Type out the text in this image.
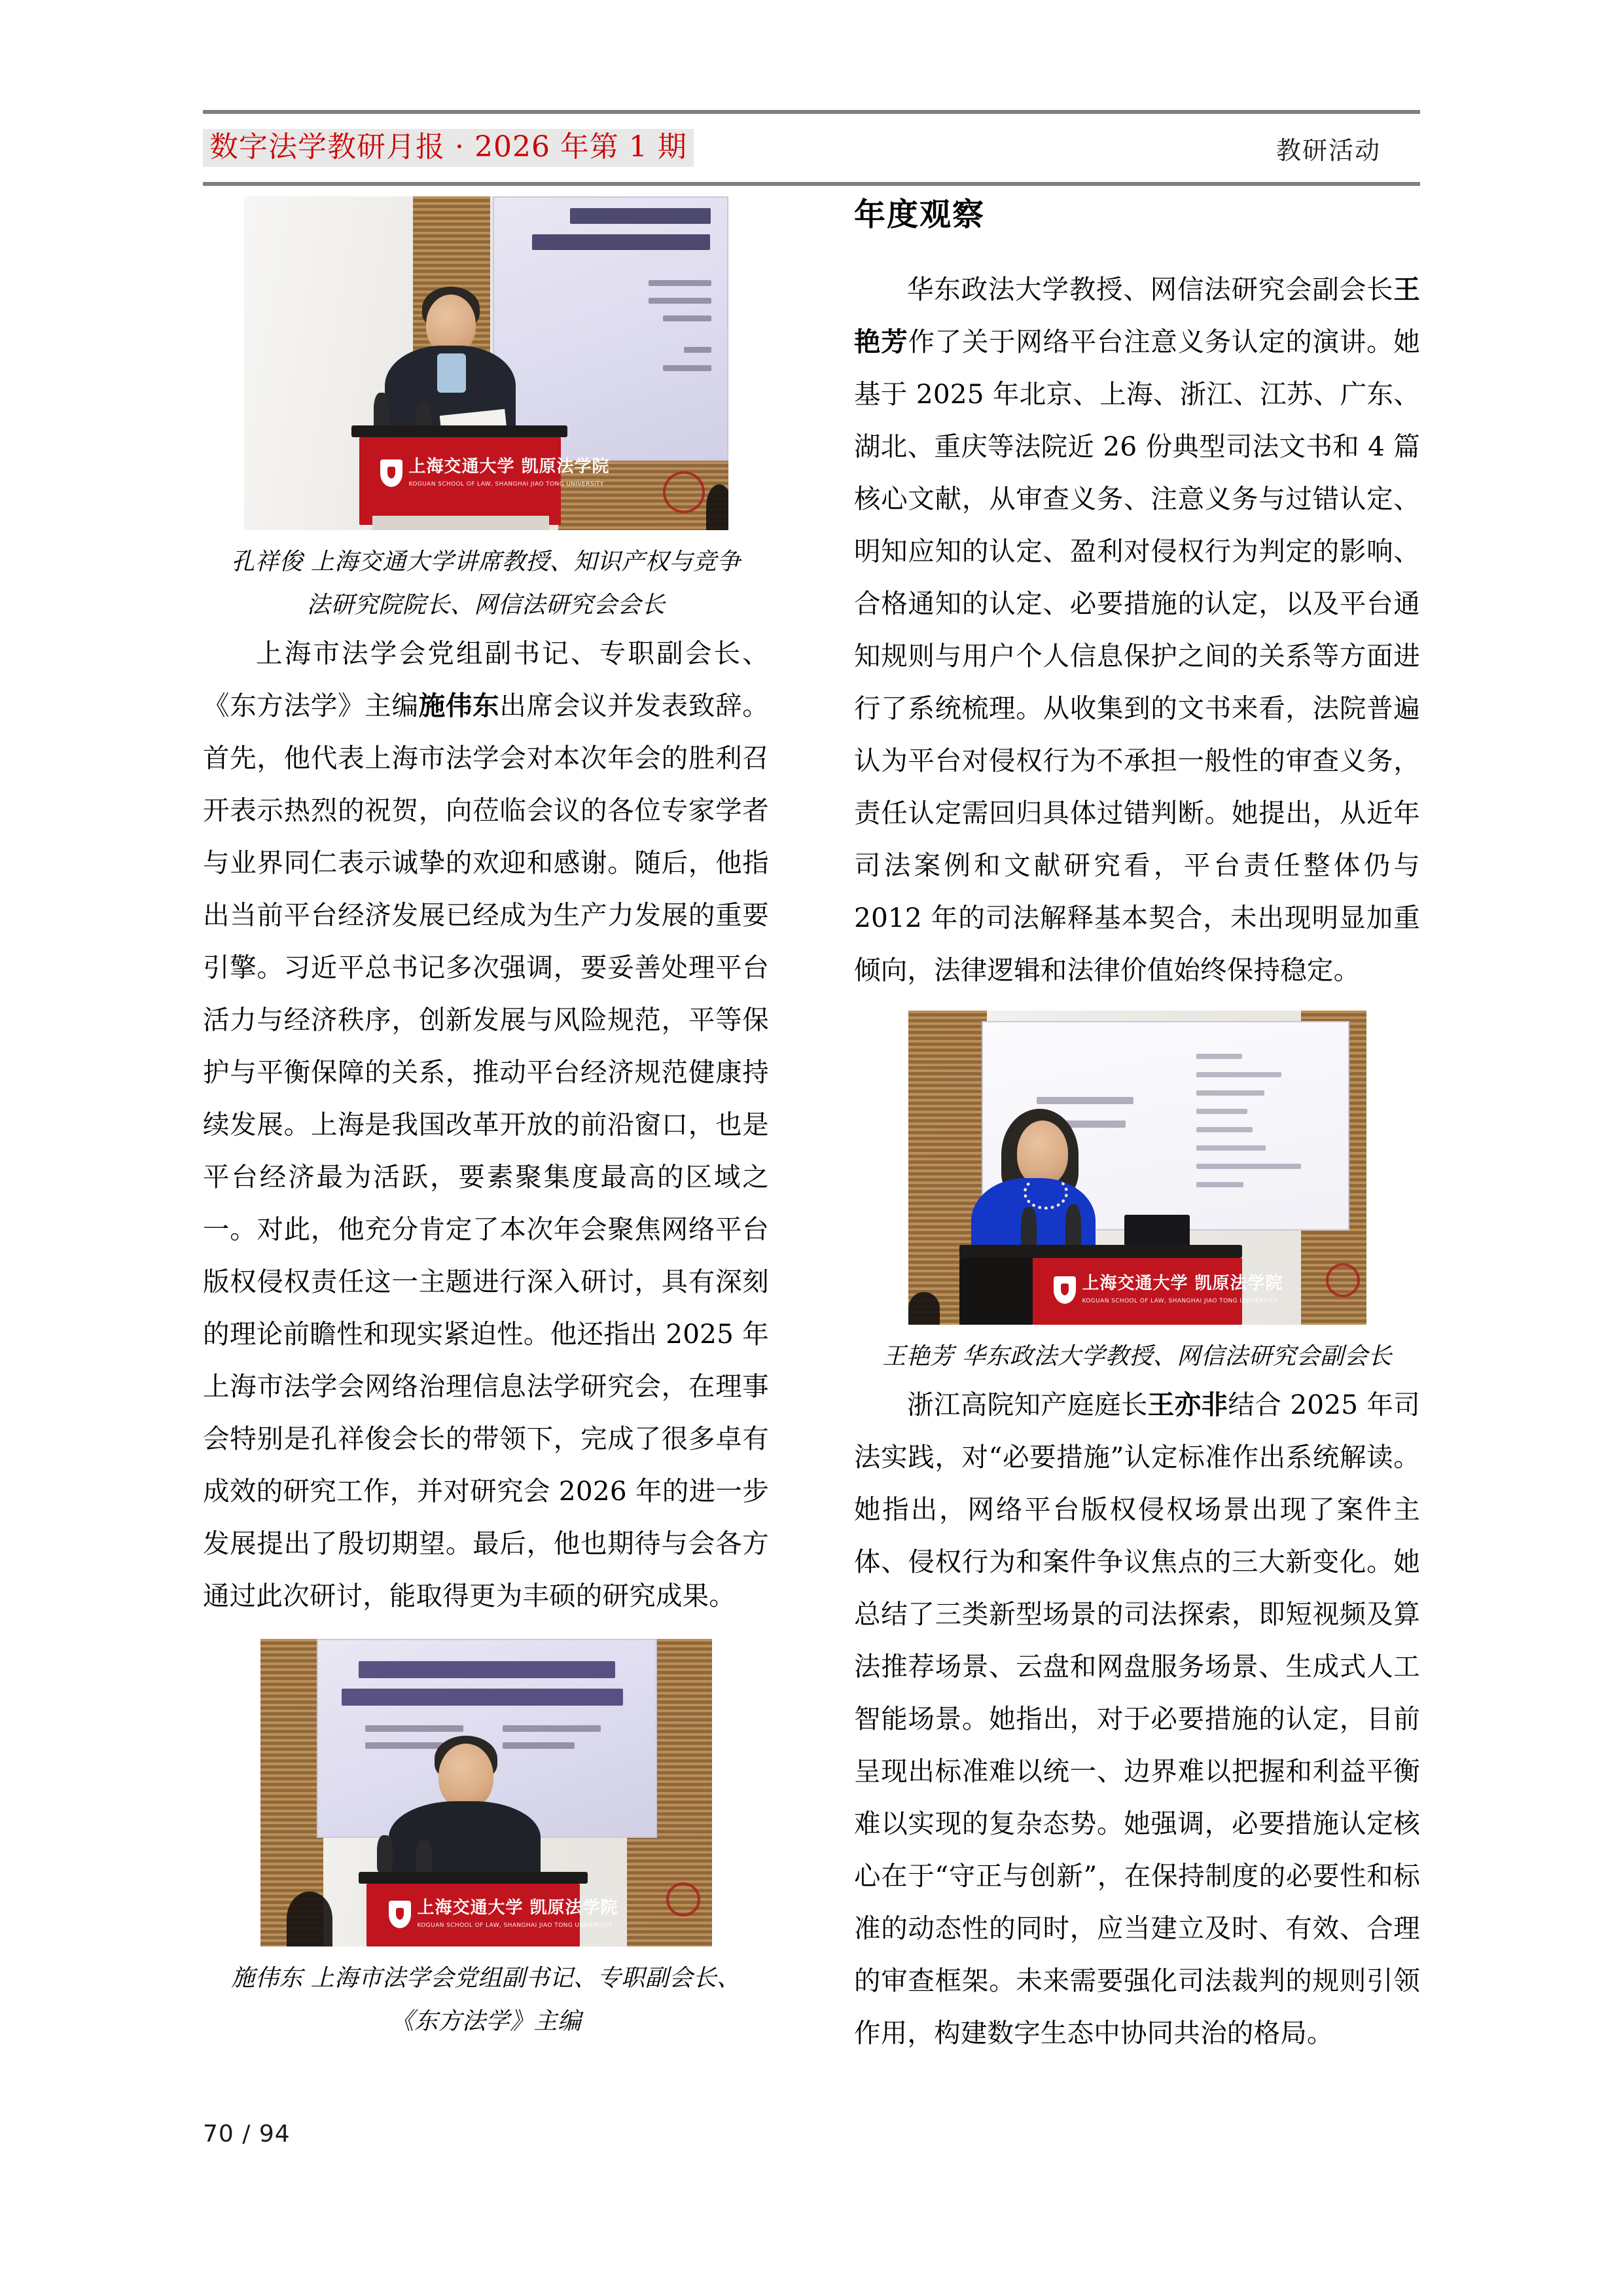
数字法学教研月报 · 2026 年第 1 期	教研活动
上海交通大学 凯原法学院
KOGUAN SCHOOL OF LAW, SHANGHAI JIAO TONG UNIVERSITY
孔祥俊 上海交通大学讲席教授、知识产权与竞争
法研究院院长、网信法研究会会长

上海市法学会党组副书记、专职副会长、《东方法学》主编施伟东出席会议并发表致辞。首先，他代表上海市法学会对本次年会的胜利召开表示热烈的祝贺，向莅临会议的各位专家学者与业界同仁表示诚挚的欢迎和感谢。随后，他指出当前平台经济发展已经成为生产力发展的重要引擎。习近平总书记多次强调，要妥善处理平台活力与经济秩序，创新发展与风险规范，平等保护与平衡保障的关系，推动平台经济规范健康持续发展。上海是我国改革开放的前沿窗口，也是平台经济最为活跃，要素聚集度最高的区域之一。对此，他充分肯定了本次年会聚焦网络平台版权侵权责任这一主题进行深入研讨，具有深刻的理论前瞻性和现实紧迫性。他还指出 2025 年上海市法学会网络治理信息法学研究会，在理事会特别是孔祥俊会长的带领下，完成了很多卓有成效的研究工作，并对研究会 2026 年的进一步发展提出了殷切期望。最后，他也期待与会各方通过此次研讨，能取得更为丰硕的研究成果。

上海交通大学 凯原法学院
KOGUAN SCHOOL OF LAW, SHANGHAI JIAO TONG UNIVERSITY
施伟东 上海市法学会党组副书记、专职副会长、
《东方法学》主编
年度观察

华东政法大学教授、网信法研究会副会长王艳芳作了关于网络平台注意义务认定的演讲。她基于 2025 年北京、上海、浙江、江苏、广东、湖北、重庆等法院近 26 份典型司法文书和 4 篇核心文献，从审查义务、注意义务与过错认定、明知应知的认定、盈利对侵权行为判定的影响、合格通知的认定、必要措施的认定，以及平台通知规则与用户个人信息保护之间的关系等方面进行了系统梳理。从收集到的文书来看，法院普遍认为平台对侵权行为不承担一般性的审查义务，责任认定需回归具体过错判断。她提出，从近年司法案例和文献研究看，平台责任整体仍与 2012 年的司法解释基本契合，未出现明显加重倾向，法律逻辑和法律价值始终保持稳定。

上海交通大学 凯原法学院
KOGUAN SCHOOL OF LAW, SHANGHAI JIAO TONG UNIVERSITY
王艳芳 华东政法大学教授、网信法研究会副会长

浙江高院知产庭庭长王亦非结合 2025 年司法实践，对“必要措施”认定标准作出系统解读。她指出，网络平台版权侵权场景出现了案件主体、侵权行为和案件争议焦点的三大新变化。她总结了三类新型场景的司法探索，即短视频及算法推荐场景、云盘和网盘服务场景、生成式人工智能场景。她指出，对于必要措施的认定，目前呈现出标准难以统一、边界难以把握和利益平衡难以实现的复杂态势。她强调，必要措施认定核心在于“守正与创新”，在保持制度的必要性和标准的动态性的同时，应当建立及时、有效、合理的审查框架。未来需要强化司法裁判的规则引领作用，构建数字生态中协同共治的格局。

70 / 94
